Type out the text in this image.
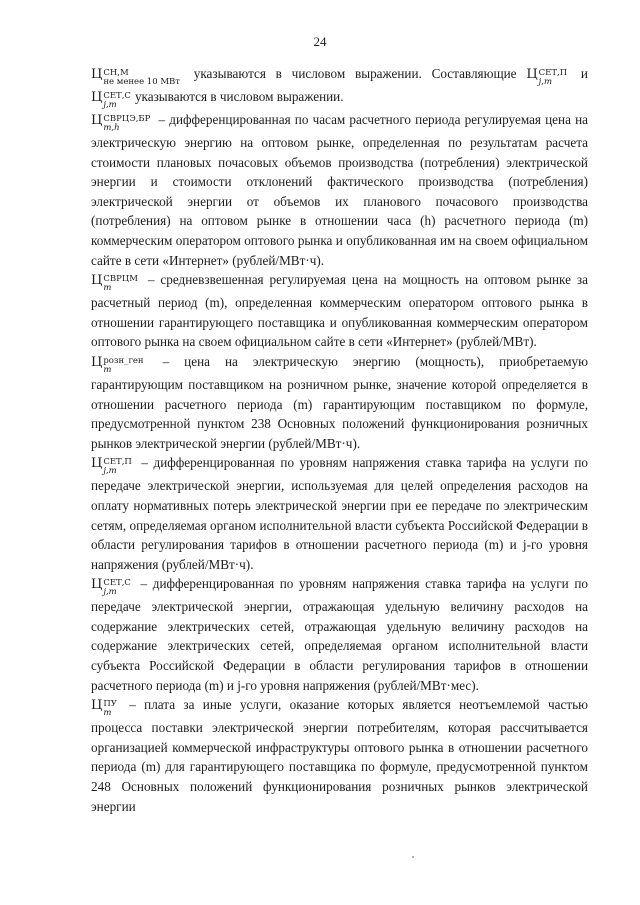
24

Ц СН,М
не менее 10 МВт
указываются в числовом выражении. Составляющие Ц СЕТ,П
j,m
и Ц СЕТ,С
j,m
указываются в числовом выражении.

Ц СВРЦЭ,БР
m,h
– дифференцированная по часам расчетного периода регулируемая цена на электрическую энергию на оптовом рынке, определенная по результатам расчета стоимости плановых почасовых объемов производства (потребления) электрической энергии и стоимости отклонений фактического производства (потребления) электрической энергии от объемов их планового почасового производства (потребления) на оптовом рынке в отношении часа (h) расчетного периода (m) коммерческим оператором оптового рынка и опубликованная им на своем официальном сайте в сети «Интернет» (рублей/МВт·ч).

Ц СВРЦМ
m
– средневзвешенная регулируемая цена на мощность на оптовом рынке за расчетный период (m), определенная коммерческим оператором оптового рынка в отношении гарантирующего поставщика и опубликованная коммерческим оператором оптового рынка на своем официальном сайте в сети «Интернет» (рублей/МВт).

Ц розн_ген
m
– цена на электрическую энергию (мощность), приобретаемую гарантирующим поставщиком на розничном рынке, значение которой определяется в отношении расчетного периода (m) гарантирующим поставщиком по формуле, предусмотренной пунктом 238 Основных положений функционирования розничных рынков электрической энергии (рублей/МВт·ч).

Ц СЕТ,П
j,m
– дифференцированная по уровням напряжения ставка тарифа на услуги по передаче электрической энергии, используемая для целей определения расходов на оплату нормативных потерь электрической энергии при ее передаче по электрическим сетям, определяемая органом исполнительной власти субъекта Российской Федерации в области регулирования тарифов в отношении расчетного периода (m) и j-го уровня напряжения (рублей/МВт·ч).

Ц СЕТ,С
j,m
– дифференцированная по уровням напряжения ставка тарифа на услуги по передаче электрической энергии, отражающая удельную величину расходов на содержание электрических сетей, отражающая удельную величину расходов на содержание электрических сетей, определяемая органом исполнительной власти субъекта Российской Федерации в области регулирования тарифов в отношении расчетного периода (m) и j-го уровня напряжения (рублей/МВт·мес).

Ц ПУ
m
– плата за иные услуги, оказание которых является неотъемлемой частью процесса поставки электрической энергии потребителям, которая рассчитывается организацией коммерческой инфраструктуры оптового рынка в отношении расчетного периода (m) для гарантирующего поставщика по формуле, предусмотренной пунктом 248 Основных положений функционирования розничных рынков электрической энергии
